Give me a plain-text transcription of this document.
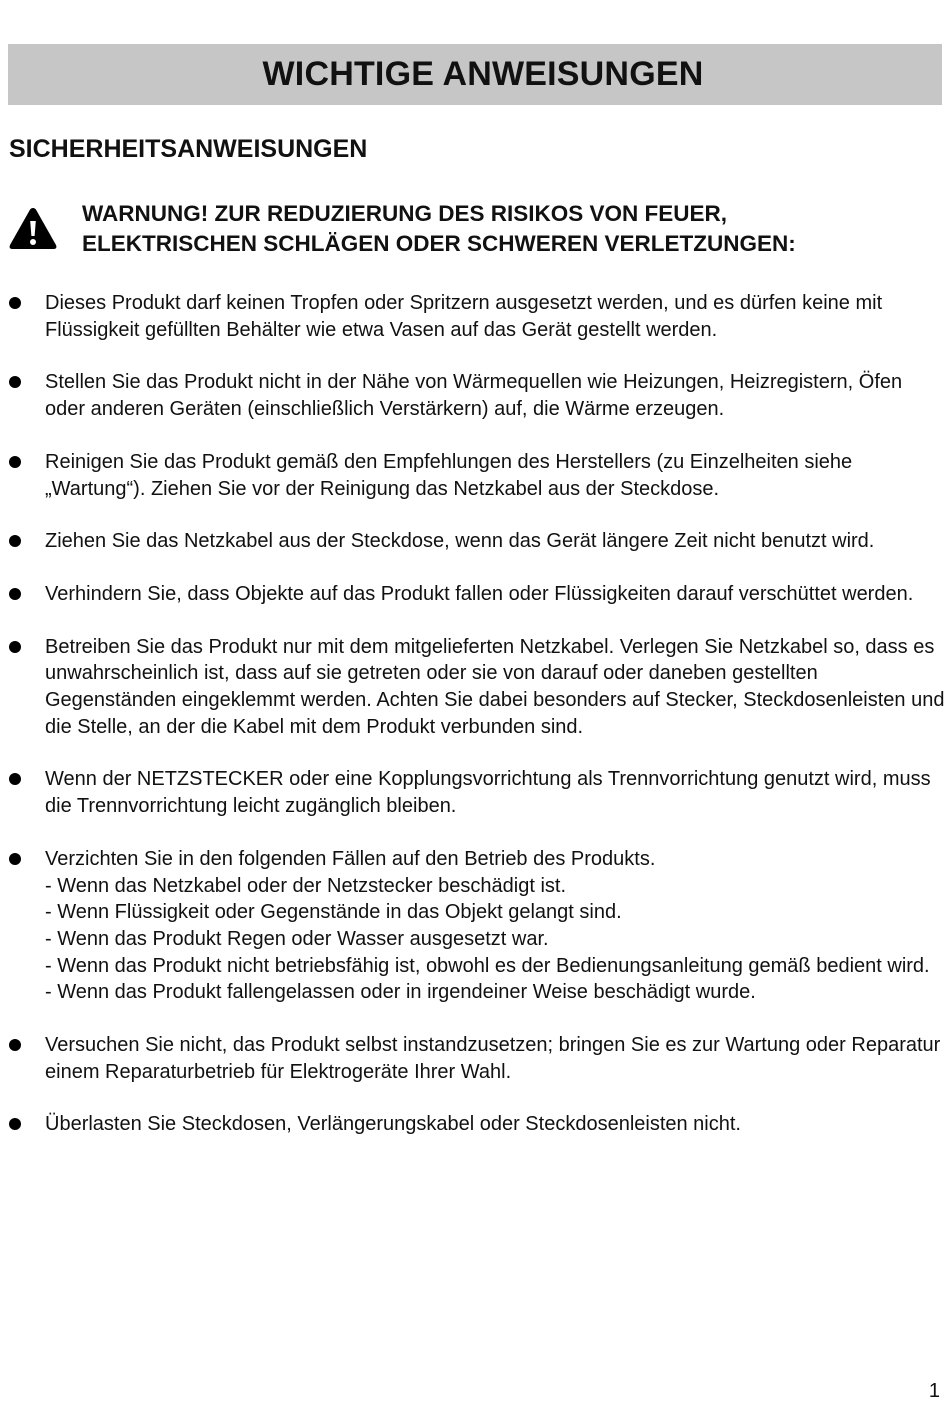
WICHTIGE ANWEISUNGEN
SICHERHEITSANWEISUNGEN
WARNUNG! ZUR REDUZIERUNG DES RISIKOS VON FEUER,
ELEKTRISCHEN SCHLÄGEN ODER SCHWEREN VERLETZUNGEN:
Dieses Produkt darf keinen Tropfen oder Spritzern ausgesetzt werden, und es dürfen keine mit Flüssigkeit gefüllten Behälter wie etwa Vasen auf das Gerät gestellt werden.
Stellen Sie das Produkt nicht in der Nähe von Wärmequellen wie Heizungen, Heizregistern, Öfen oder anderen Geräten (einschließlich Verstärkern) auf, die Wärme erzeugen.
Reinigen Sie das Produkt gemäß den Empfehlungen des Herstellers (zu Einzelheiten siehe „Wartung“). Ziehen Sie vor der Reinigung das Netzkabel aus der Steckdose.
Ziehen Sie das Netzkabel aus der Steckdose, wenn das Gerät längere Zeit nicht benutzt wird.
Verhindern Sie, dass Objekte auf das Produkt fallen oder Flüssigkeiten darauf verschüttet werden.
Betreiben Sie das Produkt nur mit dem mitgelieferten Netzkabel. Verlegen Sie Netzkabel so, dass es unwahrscheinlich ist, dass auf sie getreten oder sie von darauf oder daneben gestellten Gegenständen eingeklemmt werden. Achten Sie dabei besonders auf Stecker, Steckdosenleisten und die Stelle, an der die Kabel mit dem Produkt verbunden sind.
Wenn der NETZSTECKER oder eine Kopplungsvorrichtung als Trennvorrichtung genutzt wird, muss die Trennvorrichtung leicht zugänglich bleiben.
Verzichten Sie in den folgenden Fällen auf den Betrieb des Produkts.
- Wenn das Netzkabel oder der Netzstecker beschädigt ist.
- Wenn Flüssigkeit oder Gegenstände in das Objekt gelangt sind.
- Wenn das Produkt Regen oder Wasser ausgesetzt war.
- Wenn das Produkt nicht betriebsfähig ist, obwohl es der Bedienungsanleitung gemäß bedient wird.
- Wenn das Produkt fallengelassen oder in irgendeiner Weise beschädigt wurde.
Versuchen Sie nicht, das Produkt selbst instandzusetzen; bringen Sie es zur Wartung oder Reparatur einem Reparaturbetrieb für Elektrogeräte Ihrer Wahl.
Überlasten Sie Steckdosen, Verlängerungskabel oder Steckdosenleisten nicht.
1
